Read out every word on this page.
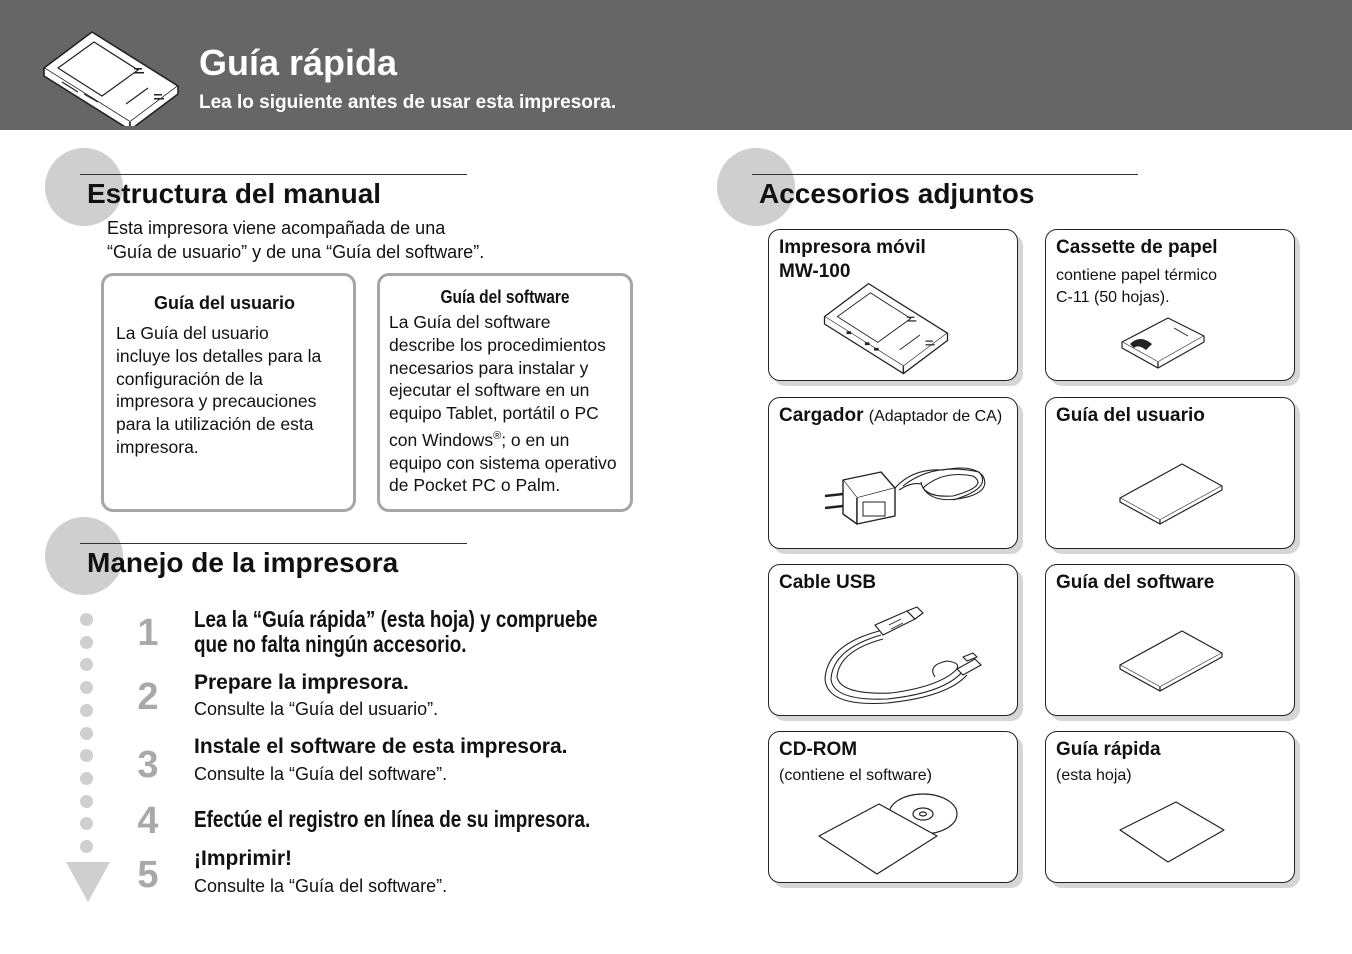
Guía rápida
Lea lo siguiente antes de usar esta impresora.
Estructura del manual
Esta impresora viene acompañada de una
“Guía de usuario” y de una “Guía del software”.
Guía del usuario
La Guía del usuario
incluye los detalles para la
configuración de la
impresora y precauciones
para la utilización de esta
impresora.
Guía del software
La Guía del software
describe los procedimientos
necesarios para instalar y
ejecutar el software en un
equipo Tablet, portátil o PC
con Windows®; o en un
equipo con sistema operativo
de Pocket PC o Palm.
Manejo de la impresora
1	Lea la “Guía rápida” (esta hoja) y compruebe
que no falta ningún accesorio.
2	Prepare la impresora.
Consulte la “Guía del usuario”.
3	Instale el software de esta impresora.
Consulte la “Guía del software”.
4	Efectúe el registro en línea de su impresora.
5	¡Imprimir!
Consulte la “Guía del software”.
Accesorios adjuntos
Impresora móvil
MW-100
Cassette de papel
contiene papel térmico
C-11 (50 hojas).
Cargador (Adaptador de CA)	Guía del usuario
Cable USB	Guía del software
CD-ROM
(contiene el software)
Guía rápida
(esta hoja)
